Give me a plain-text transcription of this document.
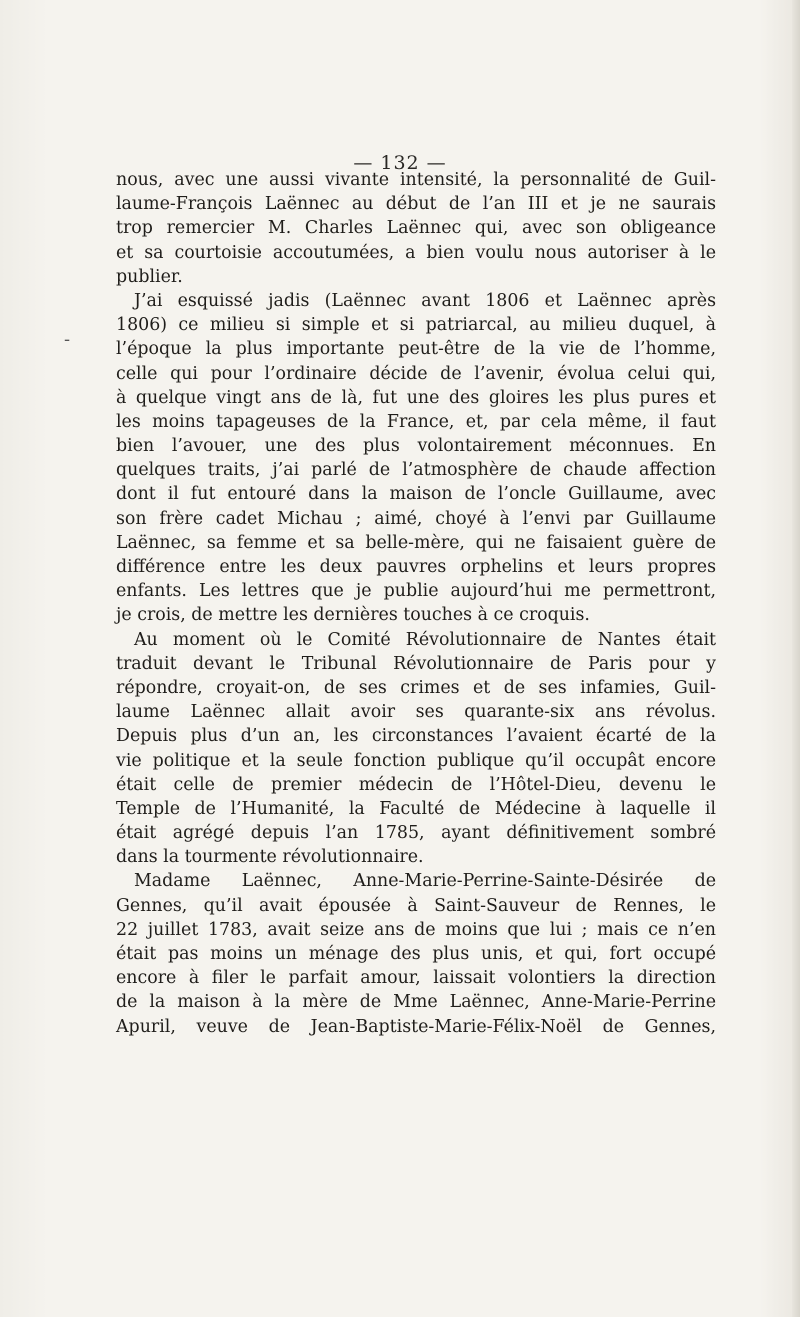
— 132 —
-
nous, avec une aussi vivante intensité, la personnalité de Guil-
laume-François Laënnec au début de l’an III et je ne saurais
trop remercier M. Charles Laënnec qui, avec son obligeance
et sa courtoisie accoutumées, a bien voulu nous autoriser à le
publier.
J’ai esquissé jadis (Laënnec avant 1806 et Laënnec après
1806) ce milieu si simple et si patriarcal, au milieu duquel, à
l’époque la plus importante peut-être de la vie de l’homme,
celle qui pour l’ordinaire décide de l’avenir, évolua celui qui,
à quelque vingt ans de là, fut une des gloires les plus pures et
les moins tapageuses de la France, et, par cela même, il faut
bien l’avouer, une des plus volontairement méconnues. En
quelques traits, j’ai parlé de l’atmosphère de chaude affection
dont il fut entouré dans la maison de l’oncle Guillaume, avec
son frère cadet Michau ; aimé, choyé à l’envi par Guillaume
Laënnec, sa femme et sa belle-mère, qui ne faisaient guère de
différence entre les deux pauvres orphelins et leurs propres
enfants. Les lettres que je publie aujourd’hui me permettront,
je crois, de mettre les dernières touches à ce croquis.
Au moment où le Comité Révolutionnaire de Nantes était
traduit devant le Tribunal Révolutionnaire de Paris pour y
répondre, croyait-on, de ses crimes et de ses infamies, Guil-
laume Laënnec allait avoir ses quarante-six ans révolus.
Depuis plus d’un an, les circonstances l’avaient écarté de la
vie politique et la seule fonction publique qu’il occupât encore
était celle de premier médecin de l’Hôtel-Dieu, devenu le
Temple de l’Humanité, la Faculté de Médecine à laquelle il
était agrégé depuis l’an 1785, ayant définitivement sombré
dans la tourmente révolutionnaire.
Madame Laënnec, Anne-Marie-Perrine-Sainte-Désirée de
Gennes, qu’il avait épousée à Saint-Sauveur de Rennes, le
22 juillet 1783, avait seize ans de moins que lui ; mais ce n’en
était pas moins un ménage des plus unis, et qui, fort occupé
encore à filer le parfait amour, laissait volontiers la direction
de la maison à la mère de Mme Laënnec, Anne-Marie-Perrine
Apuril, veuve de Jean-Baptiste-Marie-Félix-Noël de Gennes,
